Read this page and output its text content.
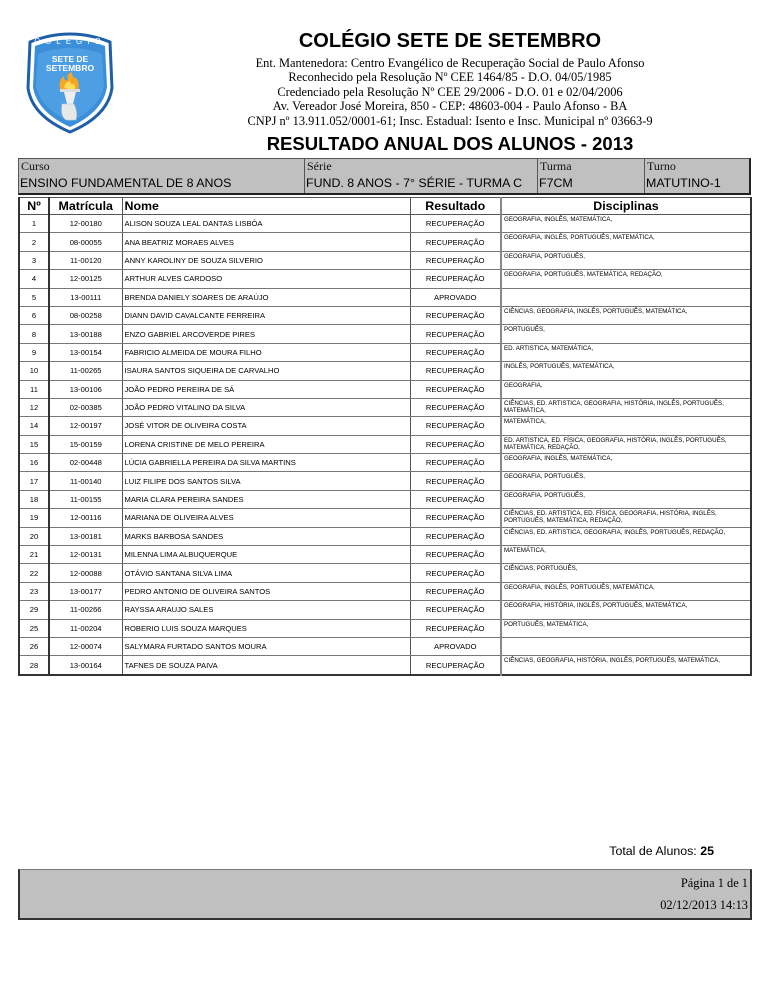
COLÉGIO
SETE DE
SETEMBRO
COLÉGIO SETE DE SETEMBRO
Ent. Mantenedora: Centro Evangélico de Recuperação Social de Paulo Afonso
Reconhecido pela Resolução Nº CEE 1464/85 - D.O. 04/05/1985
Credenciado pela Resolução Nº CEE 29/2006 - D.O. 01 e 02/04/2006
Av. Vereador José Moreira, 850 - CEP: 48603-004 - Paulo Afonso - BA
CNPJ nº 13.911.052/0001-61; Insc. Estadual: Isento e Insc. Municipal nº 03663-9
RESULTADO ANUAL DOS ALUNOS - 2013
Curso
ENSINO FUNDAMENTAL DE 8 ANOS
Série
FUND. 8 ANOS - 7° SÉRIE - TURMA C
Turma
F7CM
Turno
MATUTINO-1
Nº	Matrícula	Nome	Resultado	Disciplinas
1	12-00180	ALISON SOUZA LEAL DANTAS LISBÔA	RECUPERAÇÃO	GEOGRAFIA, INGLÊS, MATEMÁTICA,
2	08-00055	ANA BEATRIZ MORAES ALVES	RECUPERAÇÃO	GEOGRAFIA, INGLÊS, PORTUGUÊS, MATEMÁTICA,
3	11-00120	ANNY KAROLINY DE SOUZA SILVERIO	RECUPERAÇÃO	GEOGRAFIA, PORTUGUÊS,
4	12-00125	ARTHUR ALVES CARDOSO	RECUPERAÇÃO	GEOGRAFIA, PORTUGUÊS, MATEMÁTICA, REDAÇÃO,
5	13-00111	BRENDA DANIELY SOARES DE ARAÚJO	APROVADO	
6	08-00258	DIANN DAVID CAVALCANTE FERREIRA	RECUPERAÇÃO	CIÊNCIAS, GEOGRAFIA, INGLÊS, PORTUGUÊS, MATEMÁTICA,
8	13-00188	ENZO GABRIEL ARCOVERDE PIRES	RECUPERAÇÃO	PORTUGUÊS,
9	13-00154	FABRICIO ALMEIDA DE MOURA FILHO	RECUPERAÇÃO	ED. ARTISTICA, MATEMÁTICA,
10	11-00265	ISAURA SANTOS SIQUEIRA DE CARVALHO	RECUPERAÇÃO	INGLÊS, PORTUGUÊS, MATEMÁTICA,
11	13-00106	JOÃO PEDRO PEREIRA DE SÁ	RECUPERAÇÃO	GEOGRAFIA,
12	02-00385	JOÃO PEDRO VITALINO DA SILVA	RECUPERAÇÃO	CIÊNCIAS, ED. ARTISTICA, GEOGRAFIA, HISTÓRIA, INGLÊS, PORTUGUÊS, MATEMÁTICA,
14	12-00197	JOSÉ VITOR DE OLIVEIRA COSTA	RECUPERAÇÃO	MATEMÁTICA,
15	15-00159	LORENA CRISTINE DE MELO PEREIRA	RECUPERAÇÃO	ED. ARTISTICA, ED. FÍSICA, GEOGRAFIA, HISTÓRIA, INGLÊS, PORTUGUÊS, MATEMÁTICA, REDAÇÃO,
16	02-00448	LÚCIA GABRIELLA PEREIRA DA SILVA MARTINS	RECUPERAÇÃO	GEOGRAFIA, INGLÊS, MATEMÁTICA,
17	11-00140	LUIZ FILIPE DOS SANTOS SILVA	RECUPERAÇÃO	GEOGRAFIA, PORTUGUÊS,
18	11-00155	MARIA CLARA PEREIRA SANDES	RECUPERAÇÃO	GEOGRAFIA, PORTUGUÊS,
19	12-00116	MARIANA DE OLIVEIRA ALVES	RECUPERAÇÃO	CIÊNCIAS, ED. ARTISTICA, ED. FÍSICA, GEOGRAFIA, HISTÓRIA, INGLÊS, PORTUGUÊS, MATEMÁTICA, REDAÇÃO,
20	13-00181	MARKS BARBOSA SANDES	RECUPERAÇÃO	CIÊNCIAS, ED. ARTISTICA, GEOGRAFIA, INGLÊS, PORTUGUÊS, REDAÇÃO,
21	12-00131	MILENNA LIMA ALBUQUERQUE	RECUPERAÇÃO	MATEMÁTICA,
22	12-00088	OTÁVIO SANTANA SILVA LIMA	RECUPERAÇÃO	CIÊNCIAS, PORTUGUÊS,
23	13-00177	PEDRO ANTONIO DE OLIVEIRA SANTOS	RECUPERAÇÃO	GEOGRAFIA, INGLÊS, PORTUGUÊS, MATEMÁTICA,
29	11-00266	RAYSSA ARAUJO SALES	RECUPERAÇÃO	GEOGRAFIA, HISTÓRIA, INGLÊS, PORTUGUÊS, MATEMÁTICA,
25	11-00204	ROBERIO LUIS SOUZA MARQUES	RECUPERAÇÃO	PORTUGUÊS, MATEMÁTICA,
26	12-00074	SALYMARA FURTADO SANTOS MOURA	APROVADO	
28	13-00164	TAFNES DE SOUZA PAIVA	RECUPERAÇÃO	CIÊNCIAS, GEOGRAFIA, HISTÓRIA, INGLÊS, PORTUGUÊS, MATEMÁTICA,
Total de Alunos: 25
Página 1 de 1
02/12/2013 14:13
